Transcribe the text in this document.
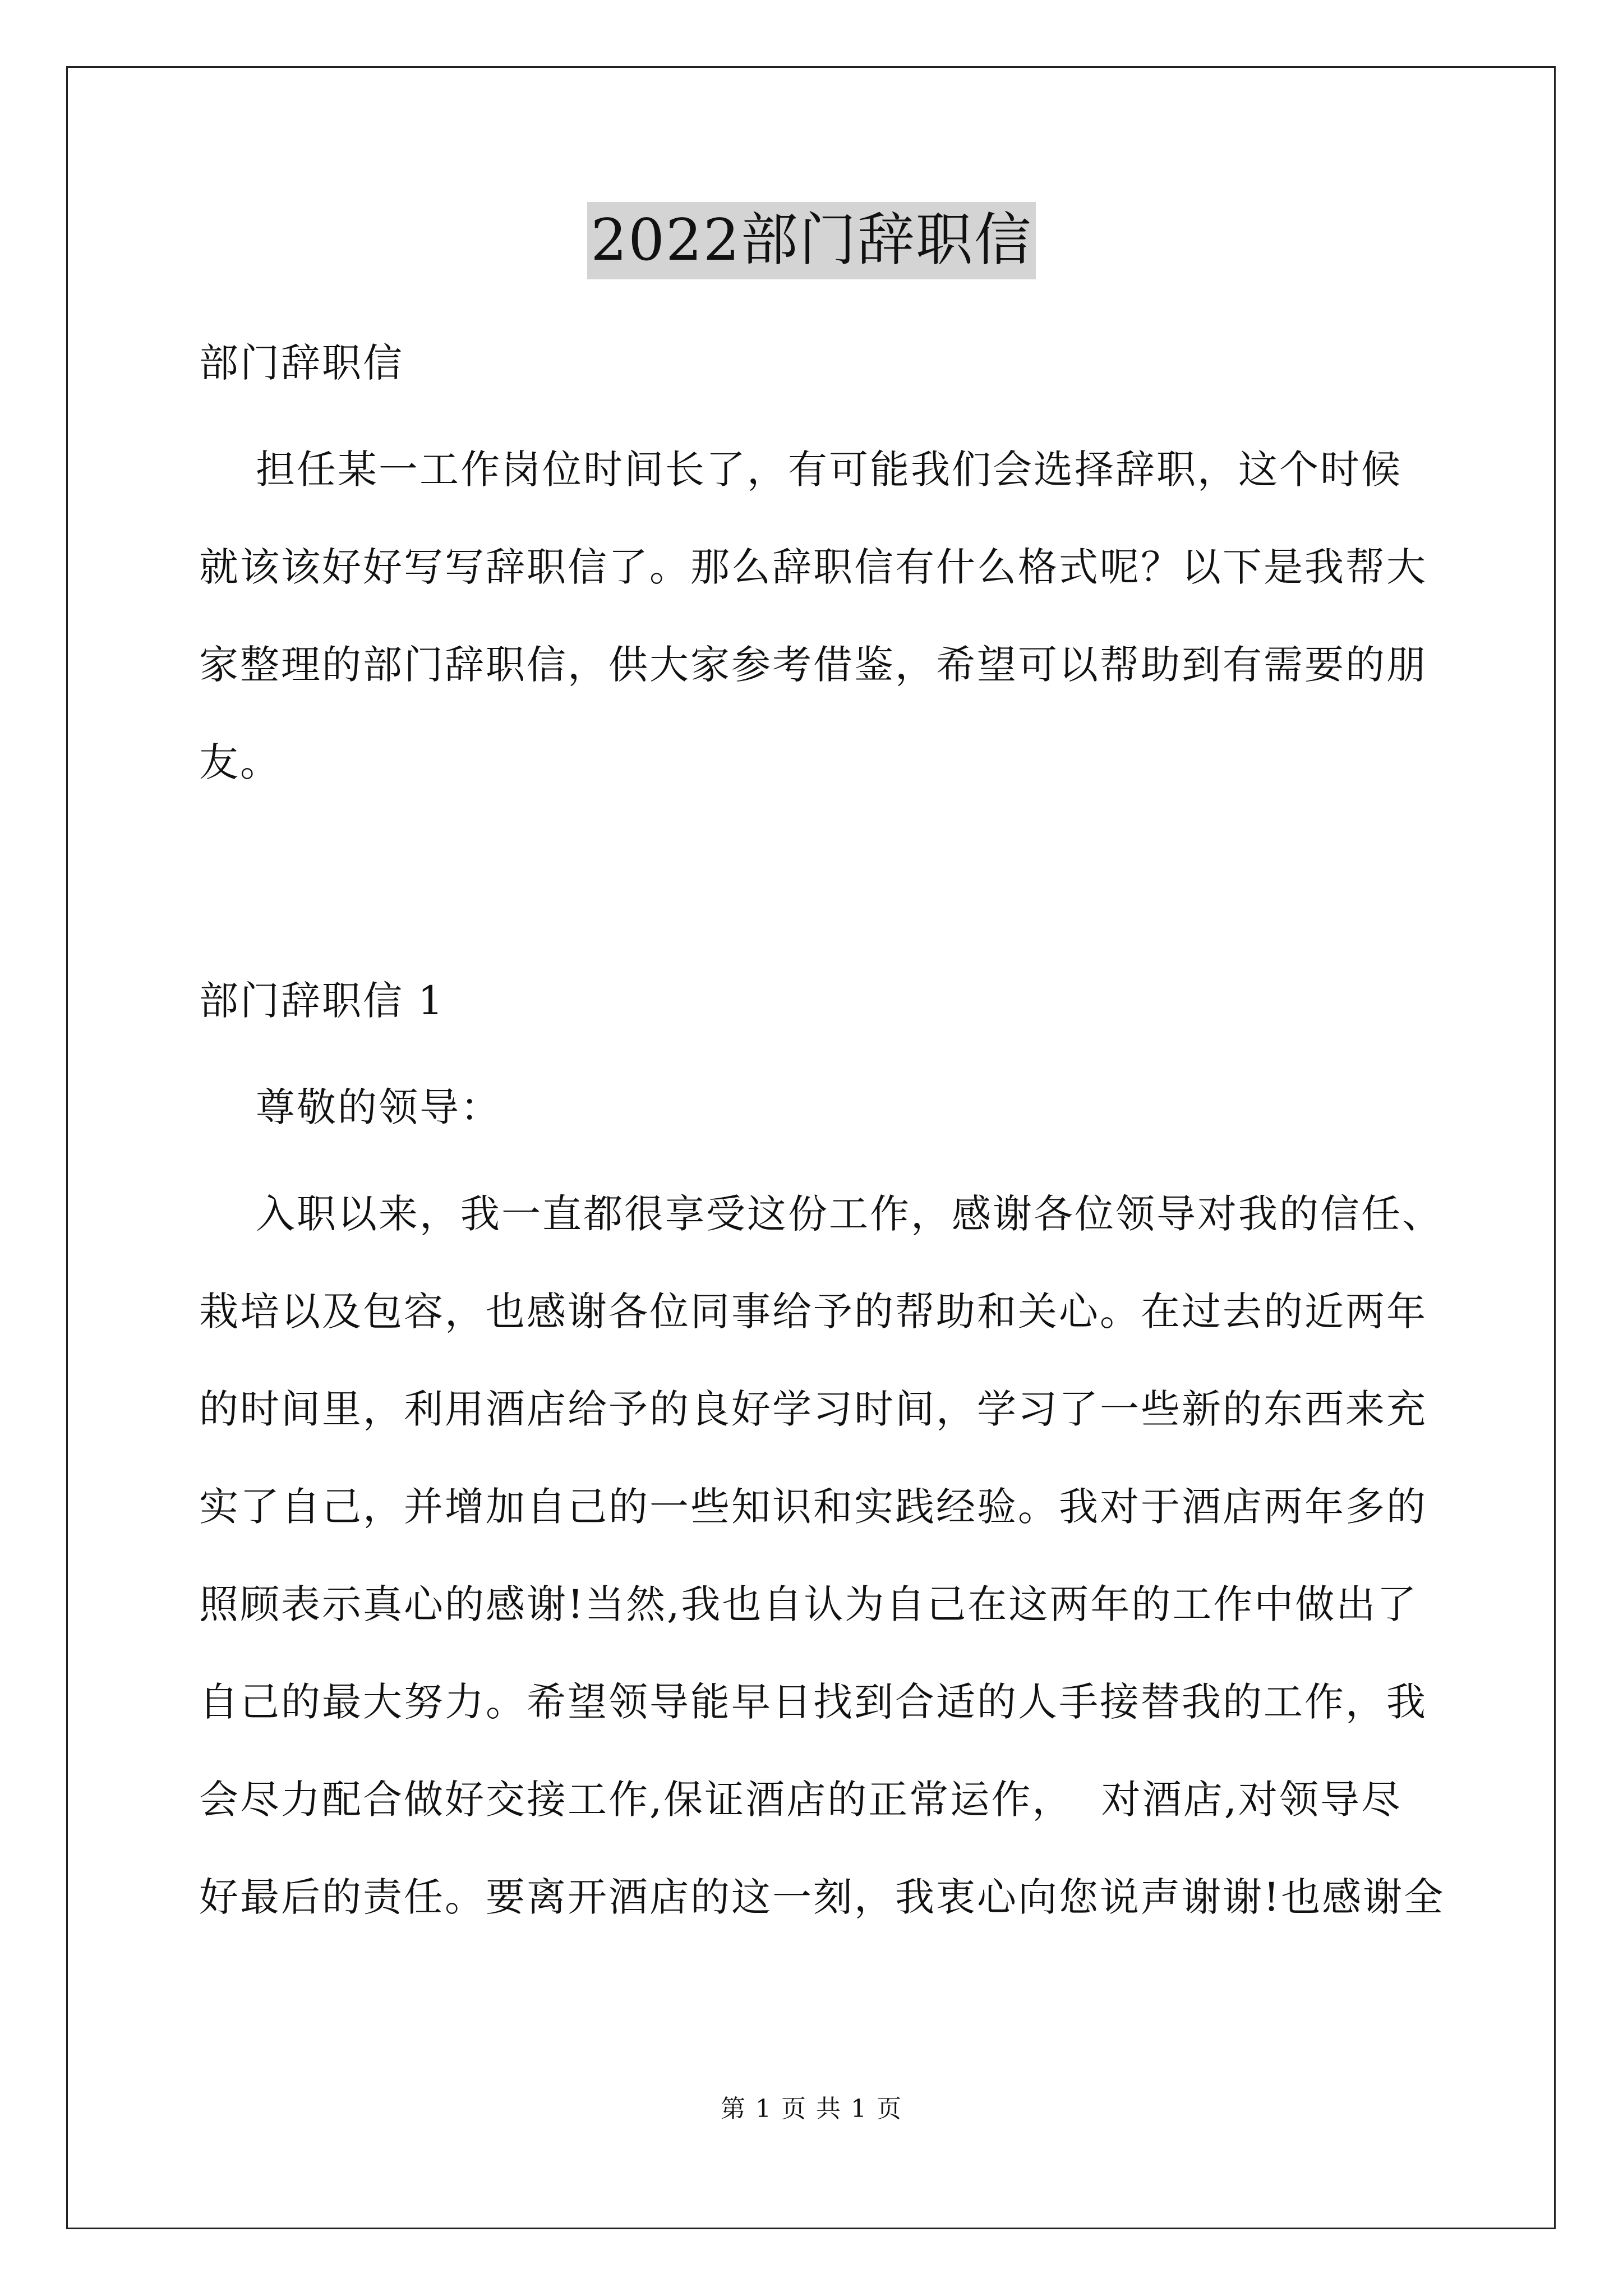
2022部门辞职信
部门辞职信
担任某一工作岗位时间长了，有可能我们会选择辞职，这个时候
就该该好好写写辞职信了。那么辞职信有什么格式呢？以下是我帮大
家整理的部门辞职信，供大家参考借鉴，希望可以帮助到有需要的朋
友。
部门辞职信 1
尊敬的领导：
入职以来，我一直都很享受这份工作，感谢各位领导对我的信任、
栽培以及包容，也感谢各位同事给予的帮助和关心。在过去的近两年
的时间里，利用酒店给予的良好学习时间，学习了一些新的东西来充
实了自己，并增加自己的一些知识和实践经验。我对于酒店两年多的
照顾表示真心的感谢!当然,我也自认为自己在这两年的工作中做出了
自己的最大努力。希望领导能早日找到合适的人手接替我的工作，我
会尽力配合做好交接工作,保证酒店的正常运作，  对酒店,对领导尽
好最后的责任。要离开酒店的这一刻，我衷心向您说声谢谢!也感谢全
第 1 页 共 1 页
